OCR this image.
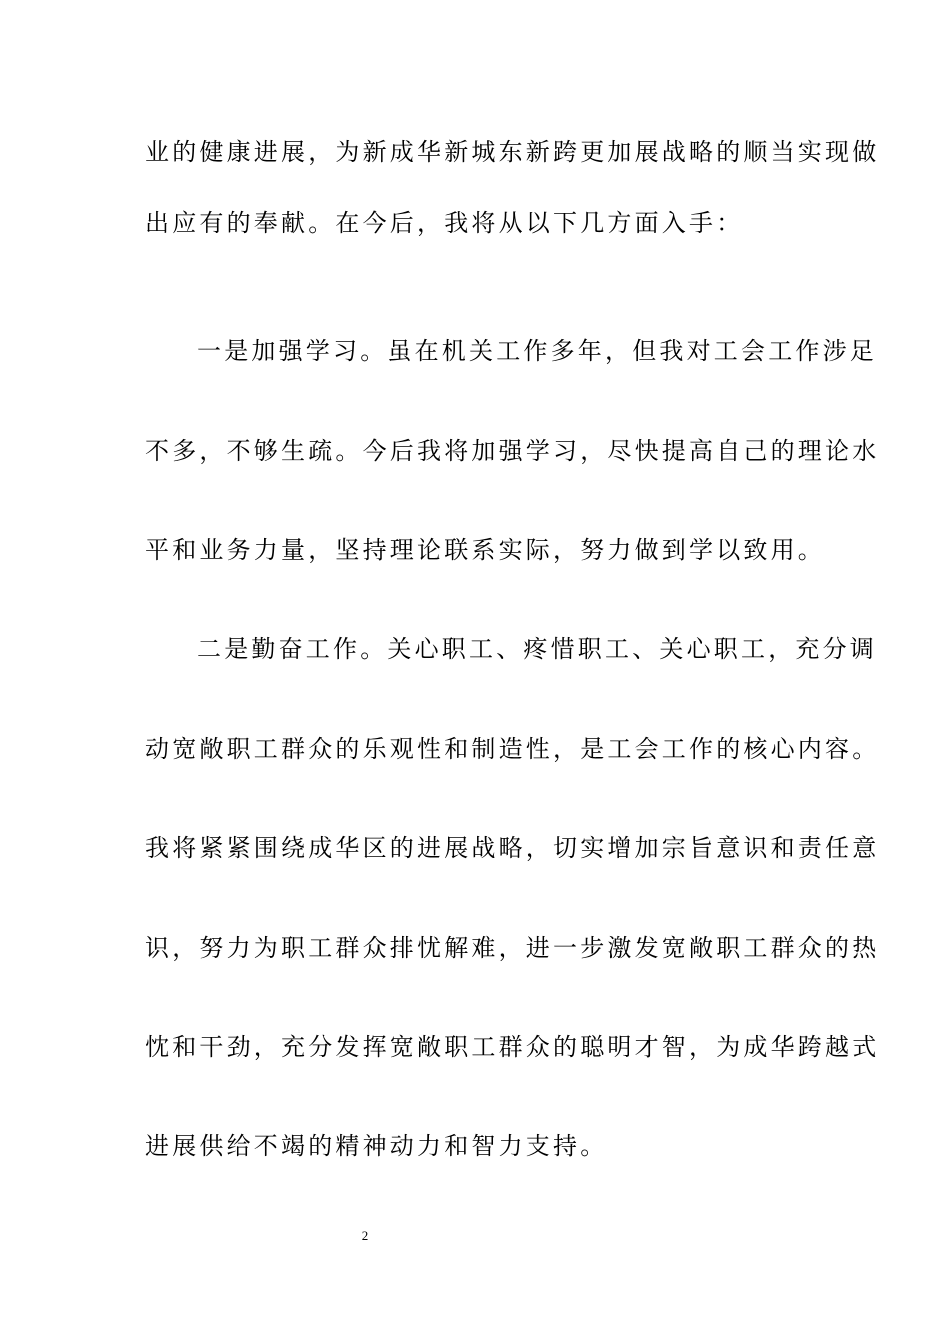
业的健康进展，为新成华新城东新跨更加展战略的顺当实现做
出应有的奉献。在今后，我将从以下几方面入手：
一是加强学习。虽在机关工作多年，但我对工会工作涉足
不多，不够生疏。今后我将加强学习，尽快提高自己的理论水
平和业务力量，坚持理论联系实际，努力做到学以致用。
二是勤奋工作。关心职工、疼惜职工、关心职工，充分调
动宽敞职工群众的乐观性和制造性，是工会工作的核心内容。
我将紧紧围绕成华区的进展战略，切实增加宗旨意识和责任意
识，努力为职工群众排忧解难，进一步激发宽敞职工群众的热
忱和干劲，充分发挥宽敞职工群众的聪明才智，为成华跨越式
进展供给不竭的精神动力和智力支持。
2
